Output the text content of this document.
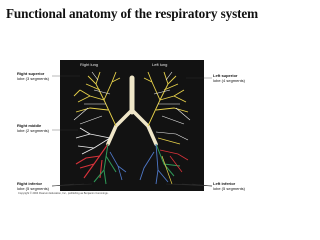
Functional anatomy of the respiratory system
Right lung	Left lung
Right superior
lobe (3 segments)
Right middle
lobe (2 segments)
Right inferior
lobe (5 segments)
Left superior
lobe (4 segments)
Left inferior
lobe (5 segments)
Copyright © 2004 Pearson Education, Inc., publishing as Benjamin Cummings.
